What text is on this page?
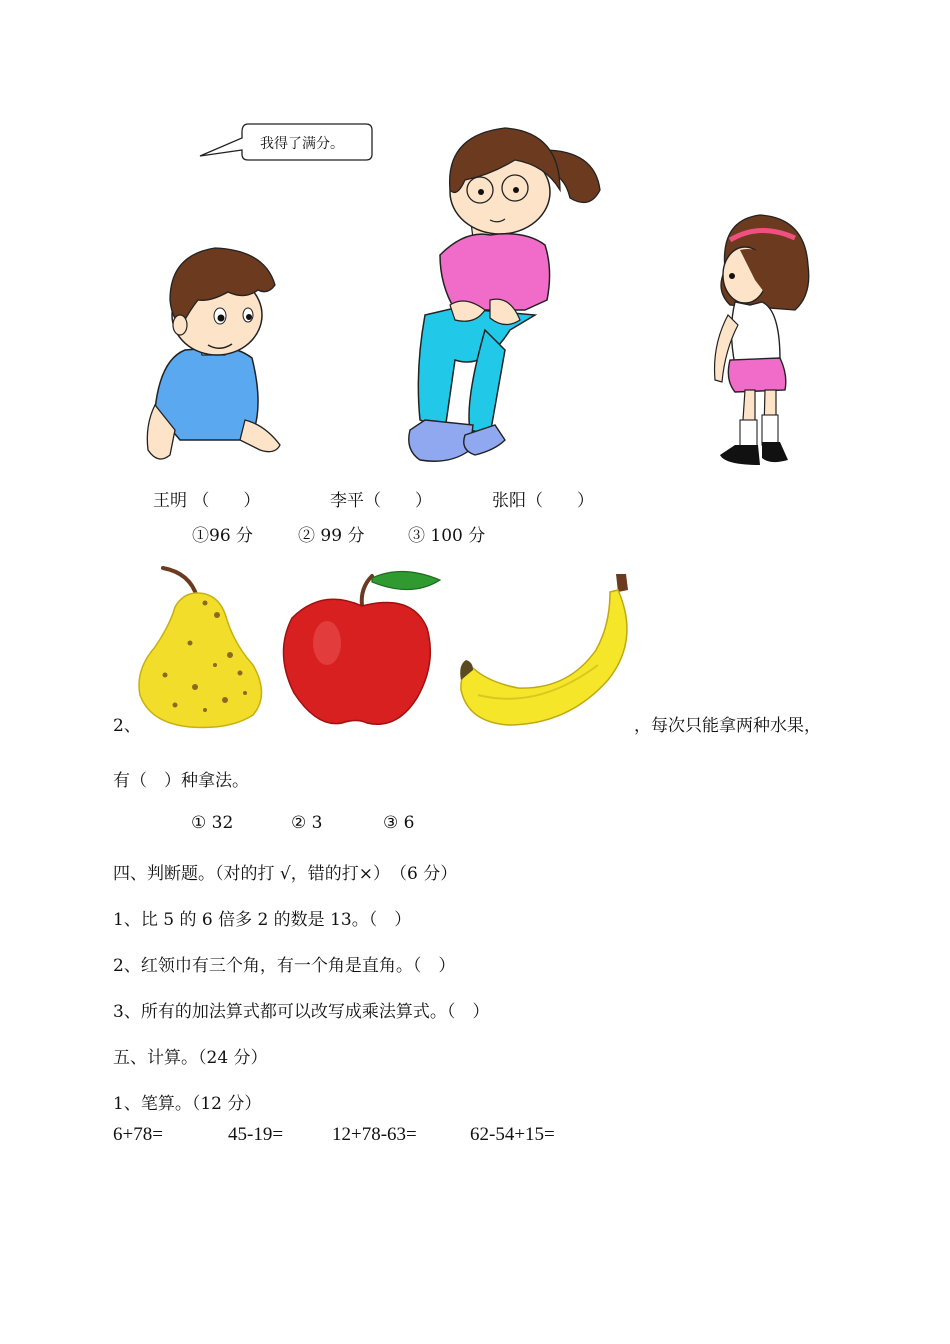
我得了满分。
王明 （　　）	李平（　　）	张阳（　　）
①96 分	② 99 分	③ 100 分
2、	，每次只能拿两种水果，
有（　）种拿法。
① 32	② 3	③ 6
四、判断题。（对的打 √，错的打×）　（6 分）
1、比 5 的 6 倍多 2 的数是 13。（　）
2、红领巾有三个角，有一个角是直角。（　）
3、所有的加法算式都可以改写成乘法算式。（　）
五、计算。（24 分）
1、笔算。（12 分）
6+78=	45-19=	12+78-63=	62-54+15=
